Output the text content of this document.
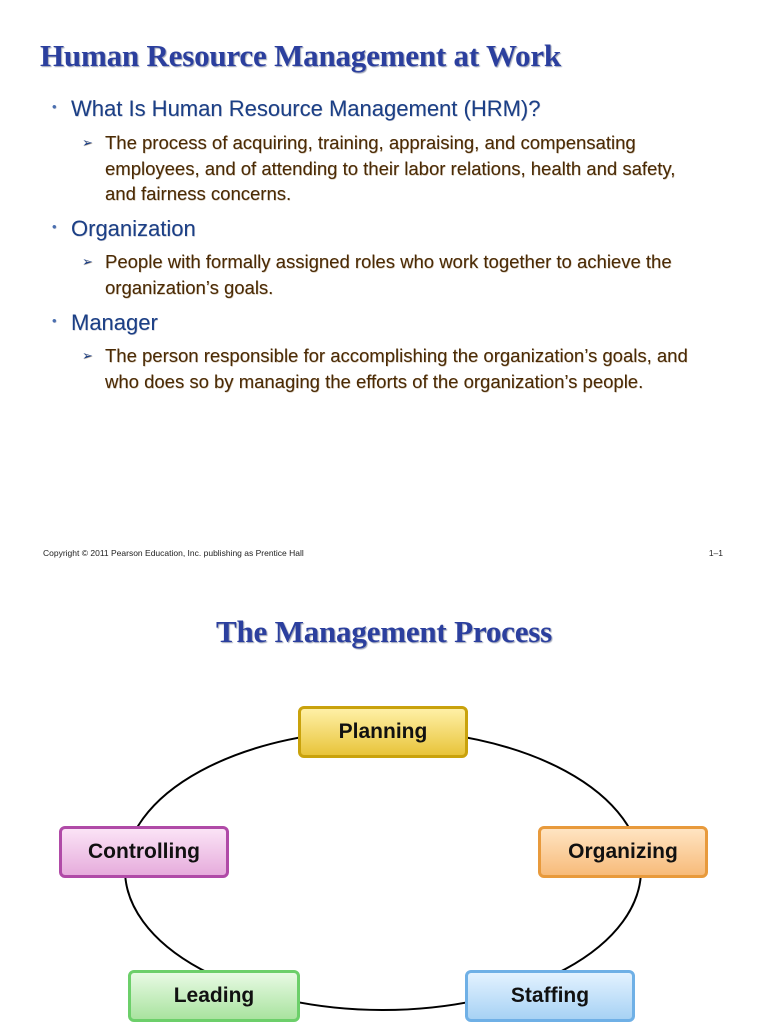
Human Resource Management at Work
• What Is Human Resource Management (HRM)?
➢ The process of acquiring, training, appraising, and compensating employees, and of attending to their labor relations, health and safety, and fairness concerns.
• Organization
➢ People with formally assigned roles who work together to achieve the organization’s goals.
• Manager
➢ The person responsible for accomplishing the organization’s goals, and who does so by managing the efforts of the organization’s people.
Copyright © 2011 Pearson Education, Inc. publishing as Prentice Hall	1–1
The Management Process
Planning
Organizing
Staffing
Leading
Controlling
